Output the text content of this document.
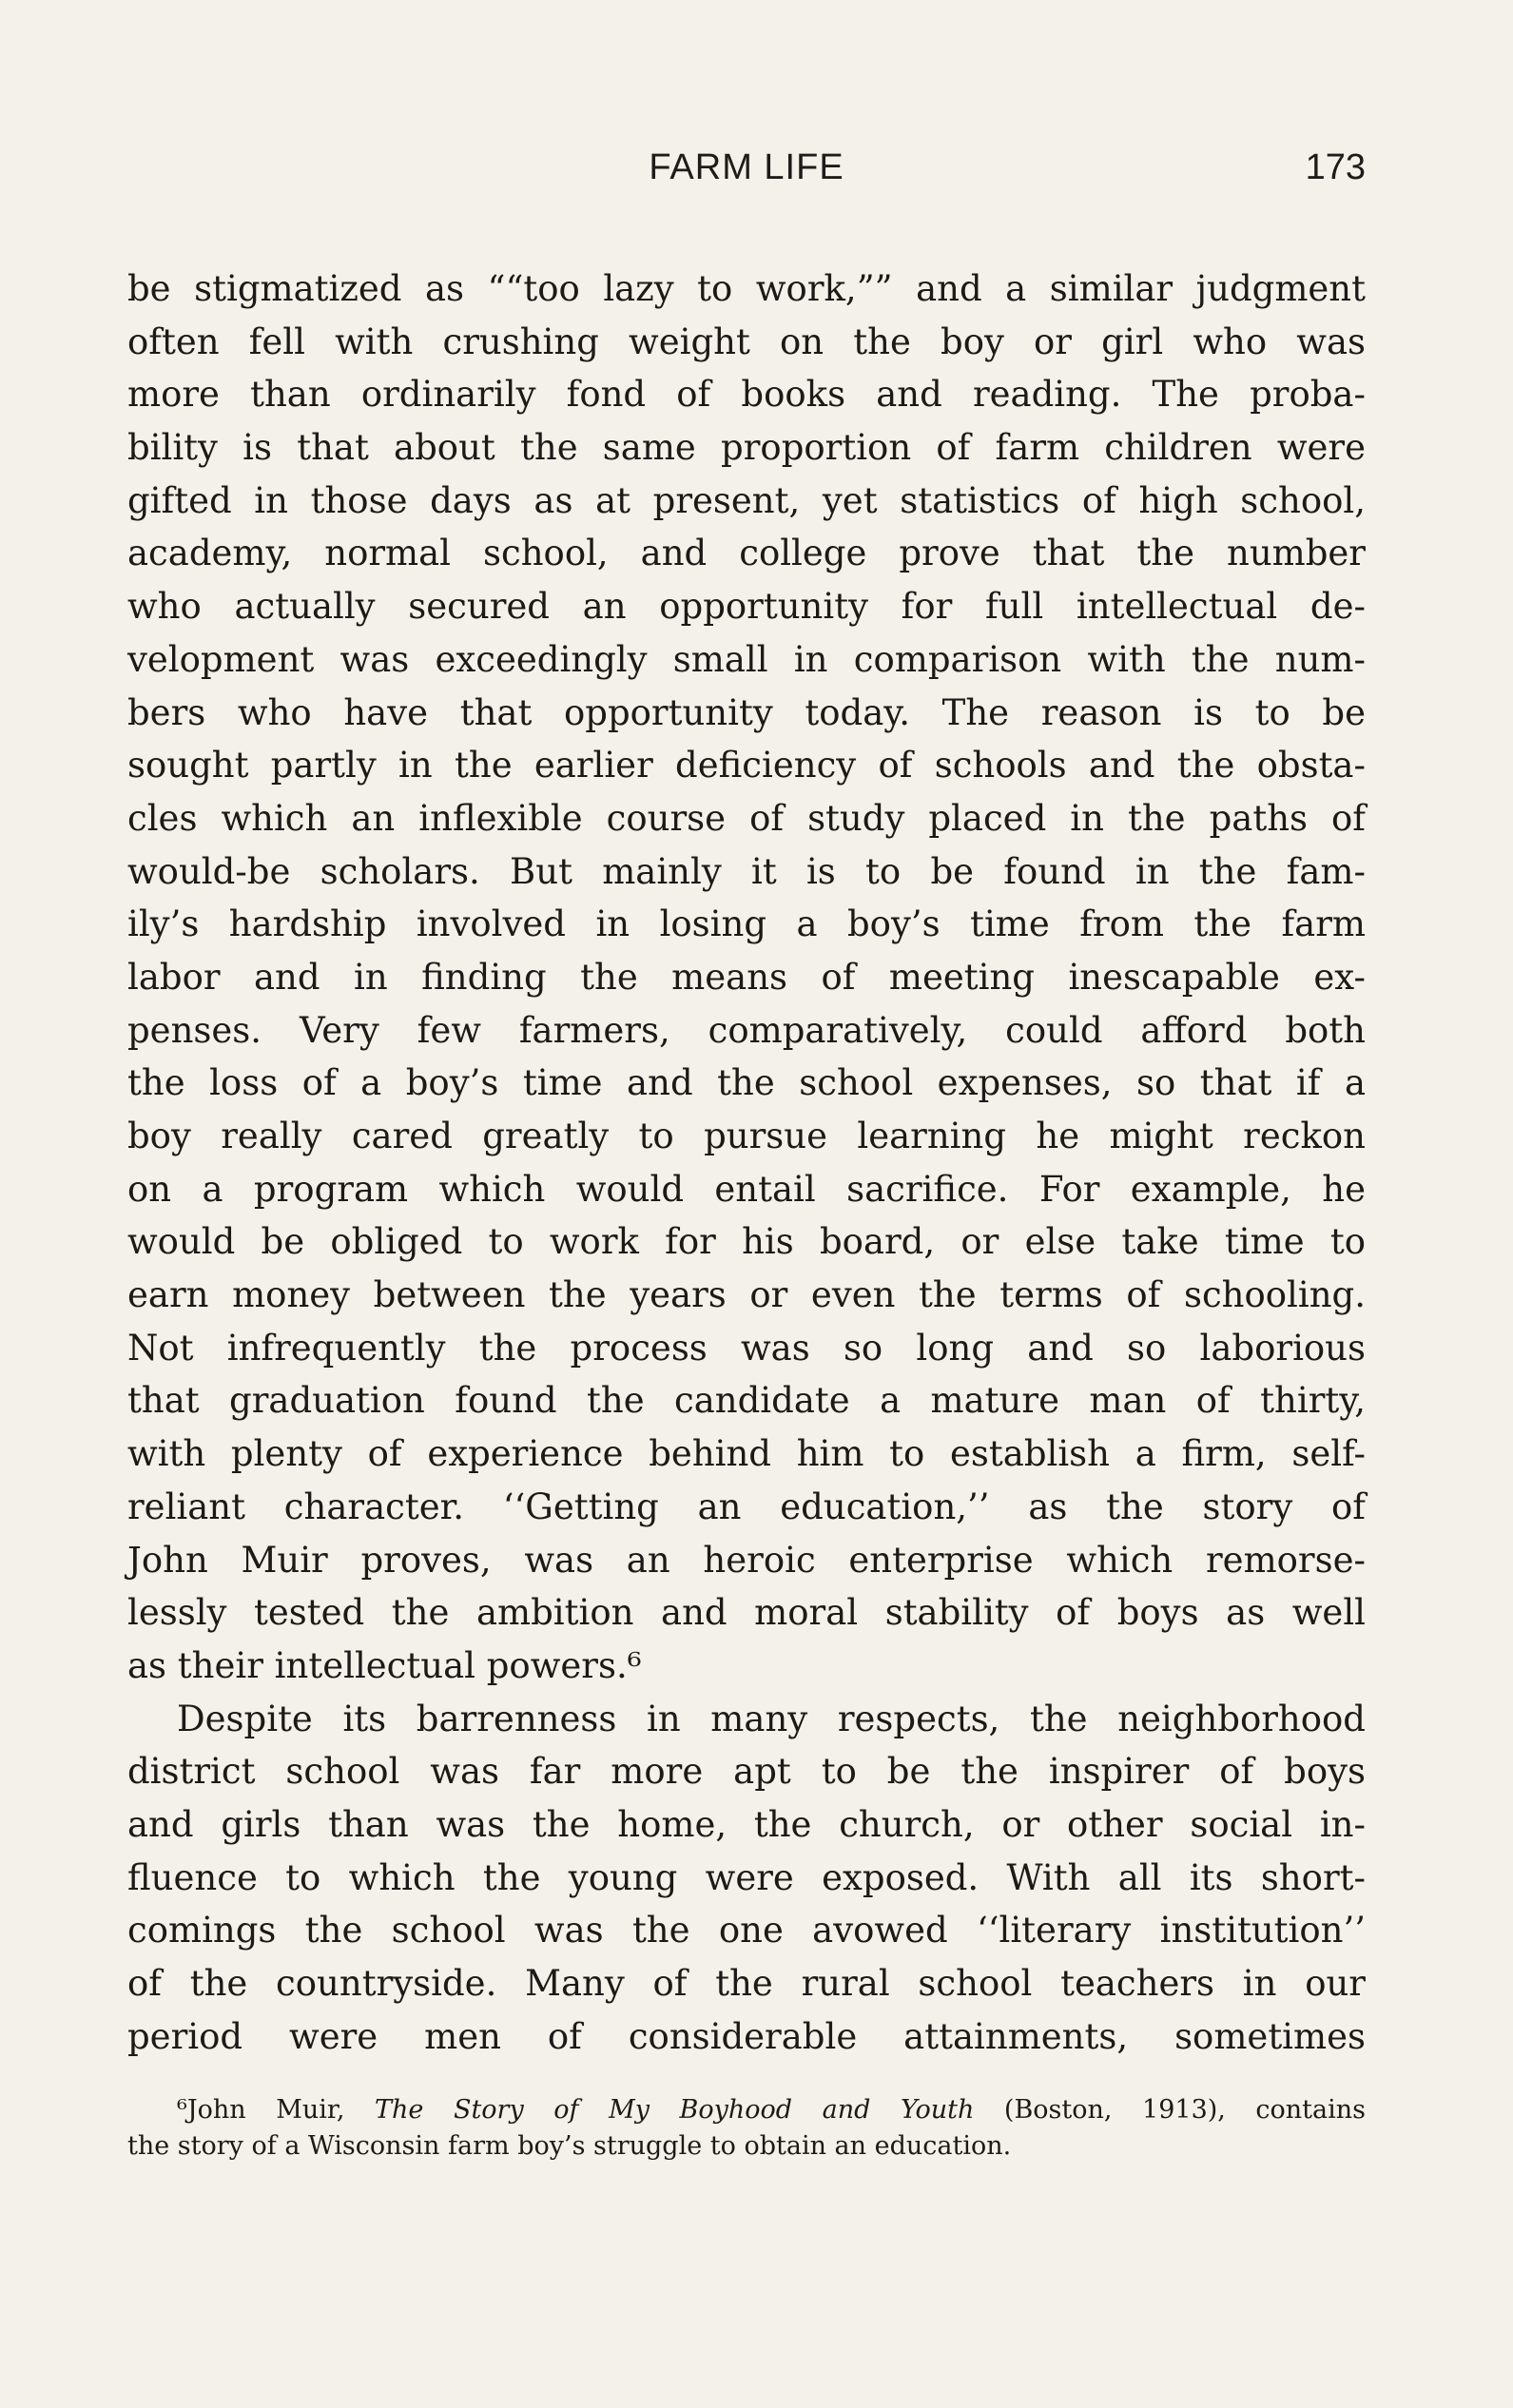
FARM LIFE	173
be stigmatized as ““too lazy to work,”” and a similar judgment
often fell with crushing weight on the boy or girl who was
more than ordinarily fond of books and reading. The proba-
bility is that about the same proportion of farm children were
gifted in those days as at present, yet statistics of high school,
academy, normal school, and college prove that the number
who actually secured an opportunity for full intellectual de-
velopment was exceedingly small in comparison with the num-
bers who have that opportunity today. The reason is to be
sought partly in the earlier deficiency of schools and the obsta-
cles which an inflexible course of study placed in the paths of
would-be scholars. But mainly it is to be found in the fam-
ily’s hardship involved in losing a boy’s time from the farm
labor and in finding the means of meeting inescapable ex-
penses. Very few farmers, comparatively, could afford both
the loss of a boy’s time and the school expenses, so that if a
boy really cared greatly to pursue learning he might reckon
on a program which would entail sacrifice. For example, he
would be obliged to work for his board, or else take time to
earn money between the years or even the terms of schooling.
Not infrequently the process was so long and so laborious
that graduation found the candidate a mature man of thirty,
with plenty of experience behind him to establish a firm, self-
reliant character. ‘‘Getting an education,’’ as the story of
John Muir proves, was an heroic enterprise which remorse-
lessly tested the ambition and moral stability of boys as well
as their intellectual powers.⁶
Despite its barrenness in many respects, the neighborhood
district school was far more apt to be the inspirer of boys
and girls than was the home, the church, or other social in-
fluence to which the young were exposed. With all its short-
comings the school was the one avowed ‘‘literary institution’’
of the countryside. Many of the rural school teachers in our
period were men of considerable attainments, sometimes
⁶John Muir, The Story of My Boyhood and Youth (Boston, 1913), contains
the story of a Wisconsin farm boy’s struggle to obtain an education.
